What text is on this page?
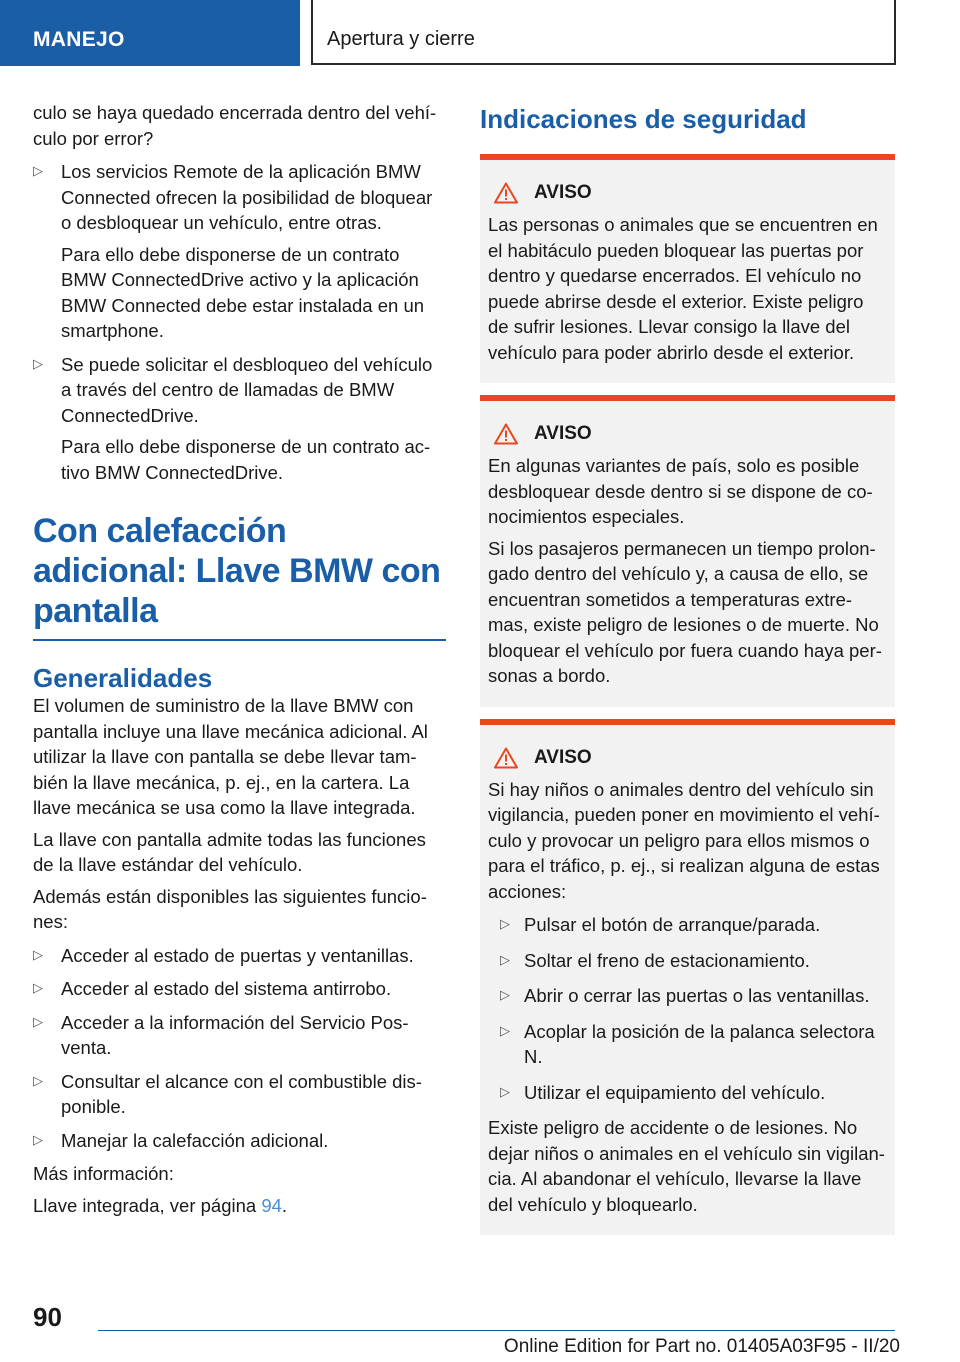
MANEJO	Apertura y cierre

culo se haya quedado encerrada dentro del vehí-culo por error?

▷ Los servicios Remote de la aplicación BMW Connected ofrecen la posibilidad de bloquear o desbloquear un vehículo, entre otras.

Para ello debe disponerse de un contrato BMW ConnectedDrive activo y la aplicación BMW Connected debe estar instalada en un smartphone.

▷ Se puede solicitar el desbloqueo del vehículo a través del centro de llamadas de BMW ConnectedDrive.

Para ello debe disponerse de un contrato ac-tivo BMW ConnectedDrive.

Con calefacción adicional: Llave BMW con pantalla
Generalidades

El volumen de suministro de la llave BMW con pantalla incluye una llave mecánica adicional. Al utilizar la llave con pantalla se debe llevar tam-bién la llave mecánica, p. ej., en la cartera. La llave mecánica se usa como la llave integrada.

La llave con pantalla admite todas las funciones de la llave estándar del vehículo.

Además están disponibles las siguientes funcio-nes:

▷ Acceder al estado de puertas y ventanillas.

▷ Acceder al estado del sistema antirrobo.

▷ Acceder a la información del Servicio Pos-venta.

▷ Consultar el alcance con el combustible dis-ponible.

▷ Manejar la calefacción adicional.

Más información:

Llave integrada, ver página 94.

Indicaciones de seguridad
AVISO

Las personas o animales que se encuentren en el habitáculo pueden bloquear las puertas por dentro y quedarse encerrados. El vehículo no puede abrirse desde el exterior. Existe peligro de sufrir lesiones. Llevar consigo la llave del vehículo para poder abrirlo desde el exterior.

AVISO

En algunas variantes de país, solo es posible desbloquear desde dentro si se dispone de co-nocimientos especiales.

Si los pasajeros permanecen un tiempo prolon-gado dentro del vehículo y, a causa de ello, se encuentran sometidos a temperaturas extre-mas, existe peligro de lesiones o de muerte. No bloquear el vehículo por fuera cuando haya per-sonas a bordo.

AVISO

Si hay niños o animales dentro del vehículo sin vigilancia, pueden poner en movimiento el vehí-culo y provocar un peligro para ellos mismos o para el tráfico, p. ej., si realizan alguna de estas acciones:

▷ Pulsar el botón de arranque/parada.

▷ Soltar el freno de estacionamiento.

▷ Abrir o cerrar las puertas o las ventanillas.

▷ Acoplar la posición de la palanca selectora N.

▷ Utilizar el equipamiento del vehículo.

Existe peligro de accidente o de lesiones. No dejar niños o animales en el vehículo sin vigilan-cia. Al abandonar el vehículo, llevarse la llave del vehículo y bloquearlo.

90
Online Edition for Part no. 01405A03F95 - II/20
